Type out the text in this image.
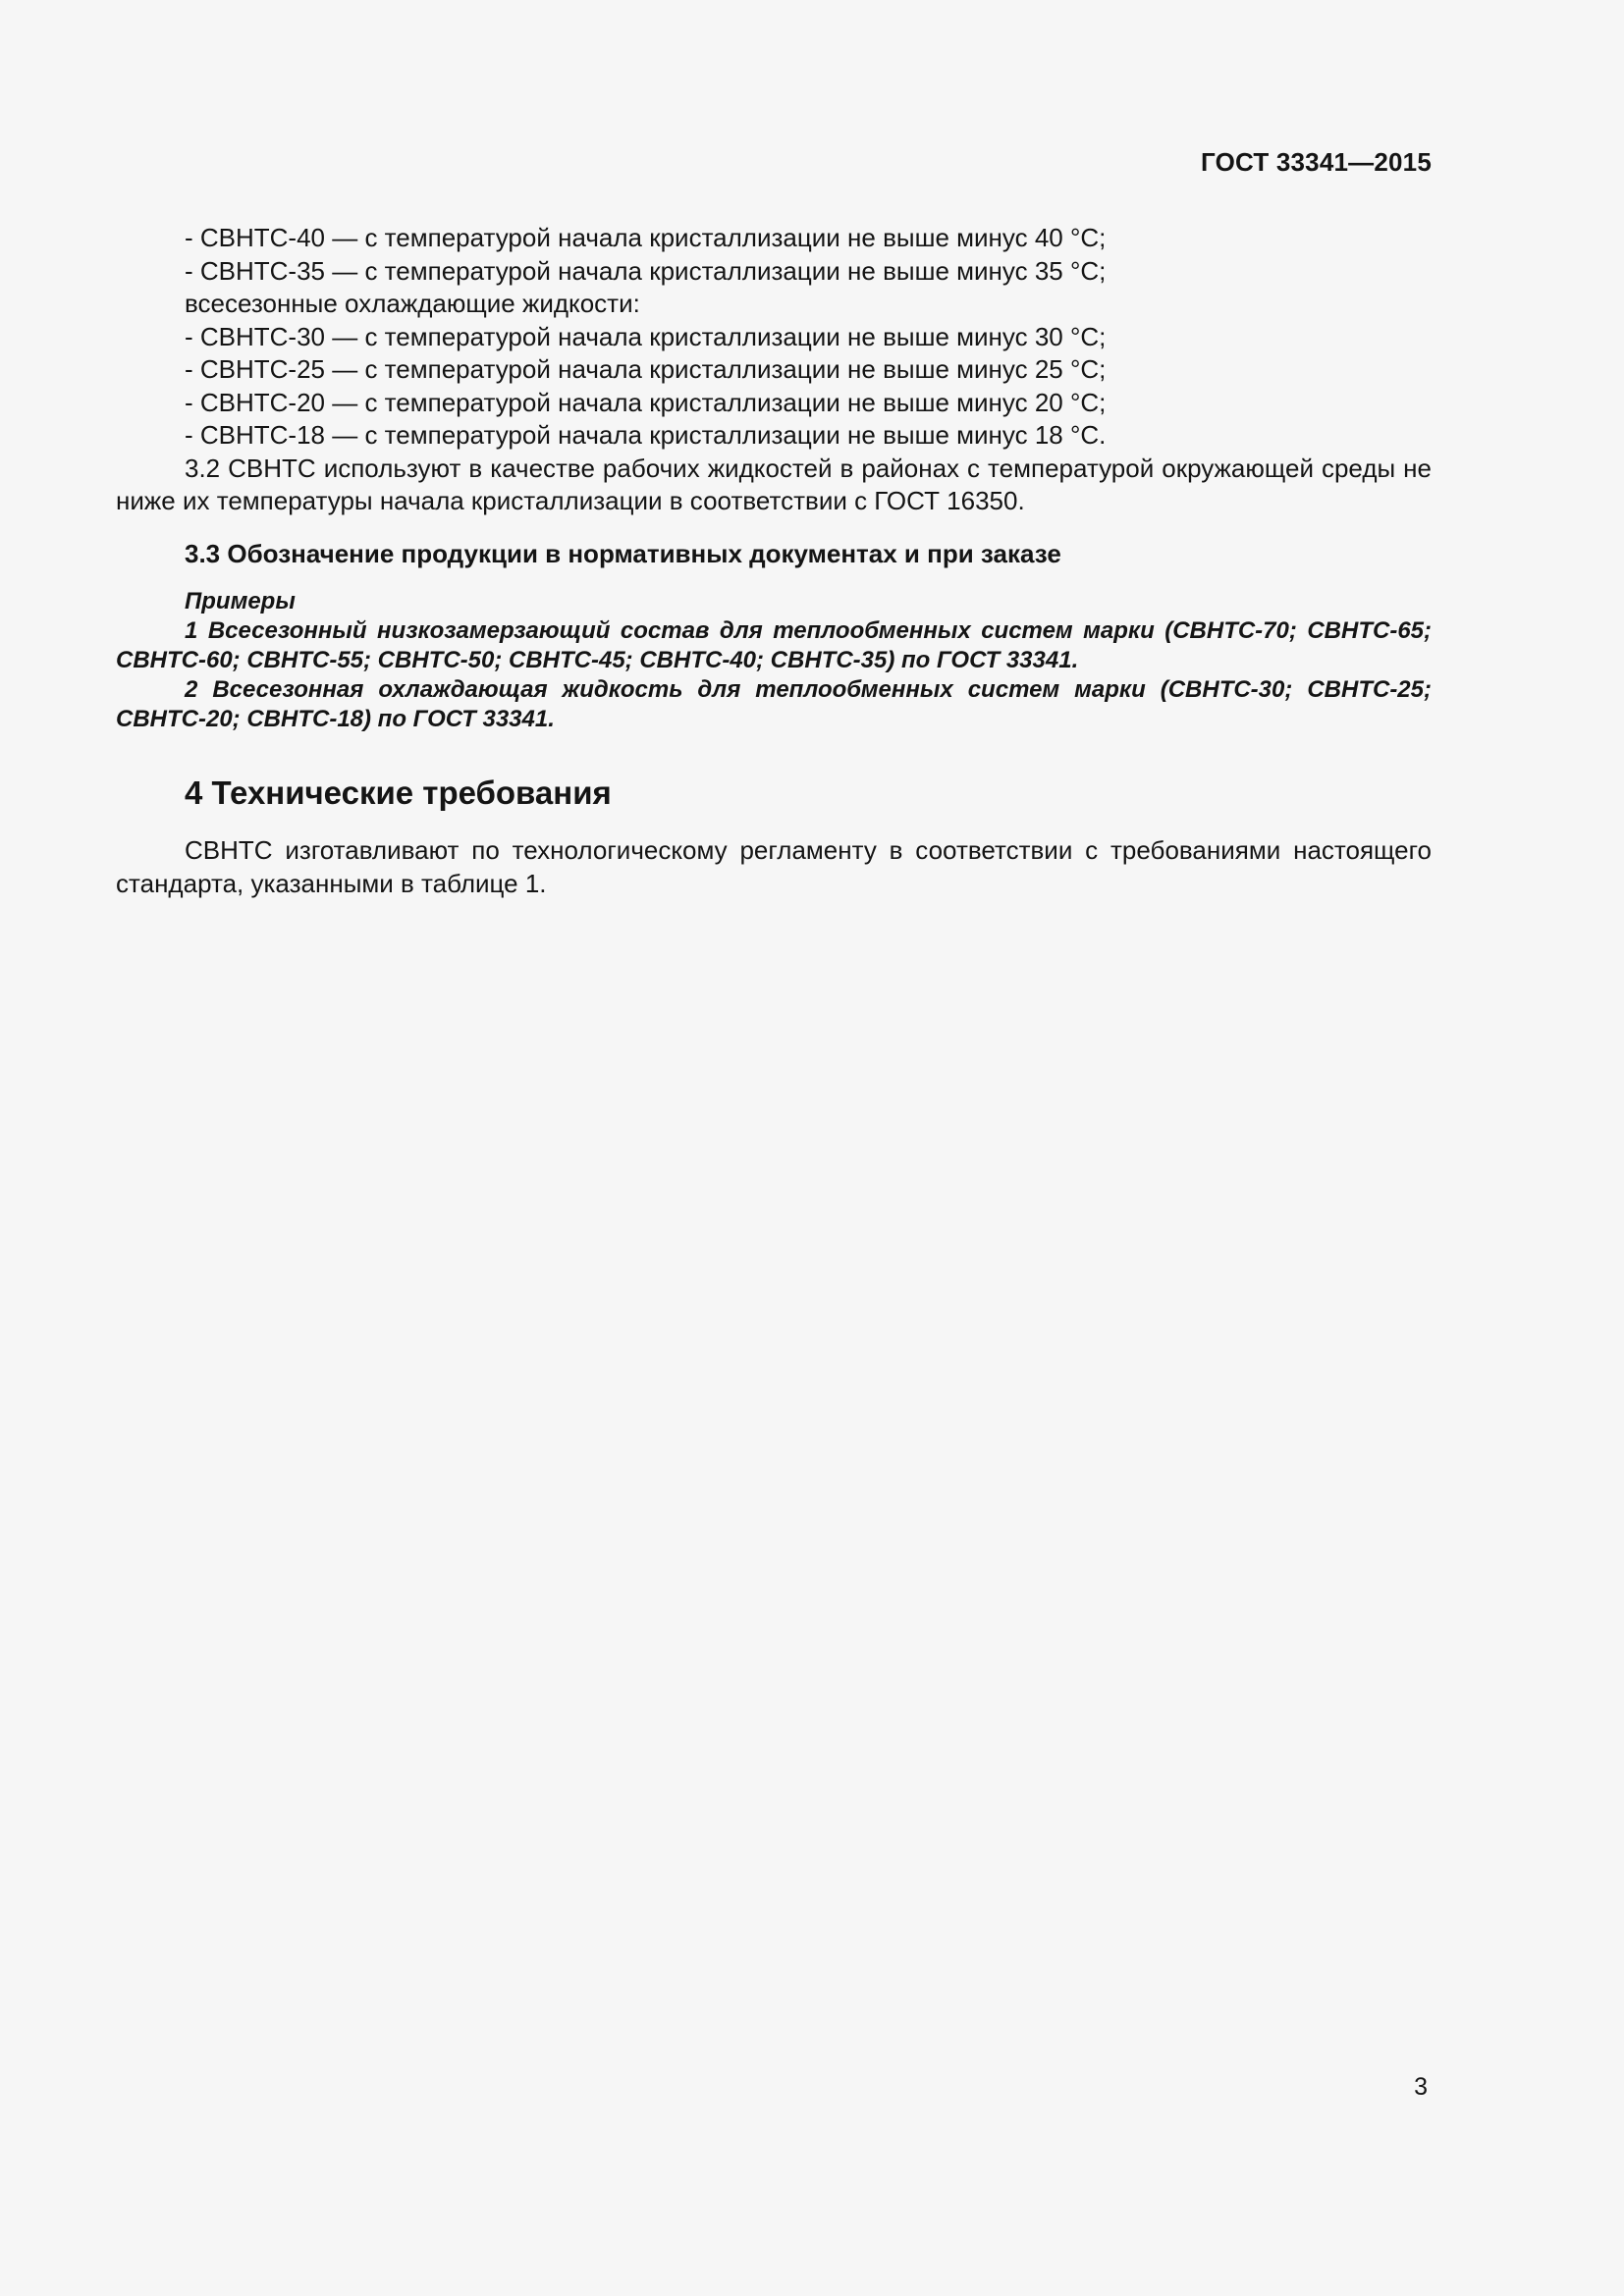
ГОСТ 33341—2015
- СВНТС-40 — с температурой начала кристаллизации не выше минус 40 °С;
- СВНТС-35 — с температурой начала кристаллизации не выше минус 35 °С;
всесезонные охлаждающие жидкости:
- СВНТС-30 — с температурой начала кристаллизации не выше минус 30 °С;
- СВНТС-25 — с температурой начала кристаллизации не выше минус 25 °С;
- СВНТС-20 — с температурой начала кристаллизации не выше минус 20 °С;
- СВНТС-18 — с температурой начала кристаллизации не выше минус 18 °С.
3.2 СВНТС используют в качестве рабочих жидкостей в районах с температурой окружающей среды не ниже их температуры начала кристаллизации в соответствии с ГОСТ 16350.
3.3 Обозначение продукции в нормативных документах и при заказе
Примеры
1 Всесезонный низкозамерзающий состав для теплообменных систем марки (СВНТС-70; СВНТС-65; СВНТС-60; СВНТС-55; СВНТС-50; СВНТС-45; СВНТС-40; СВНТС-35) по ГОСТ 33341.
2 Всесезонная охлаждающая жидкость для теплообменных систем марки (СВНТС-30; СВНТС-25; СВНТС-20; СВНТС-18) по ГОСТ 33341.
4 Технические требования
СВНТС изготавливают по технологическому регламенту в соответствии с требованиями настоящего стандарта, указанными в таблице 1.
3
